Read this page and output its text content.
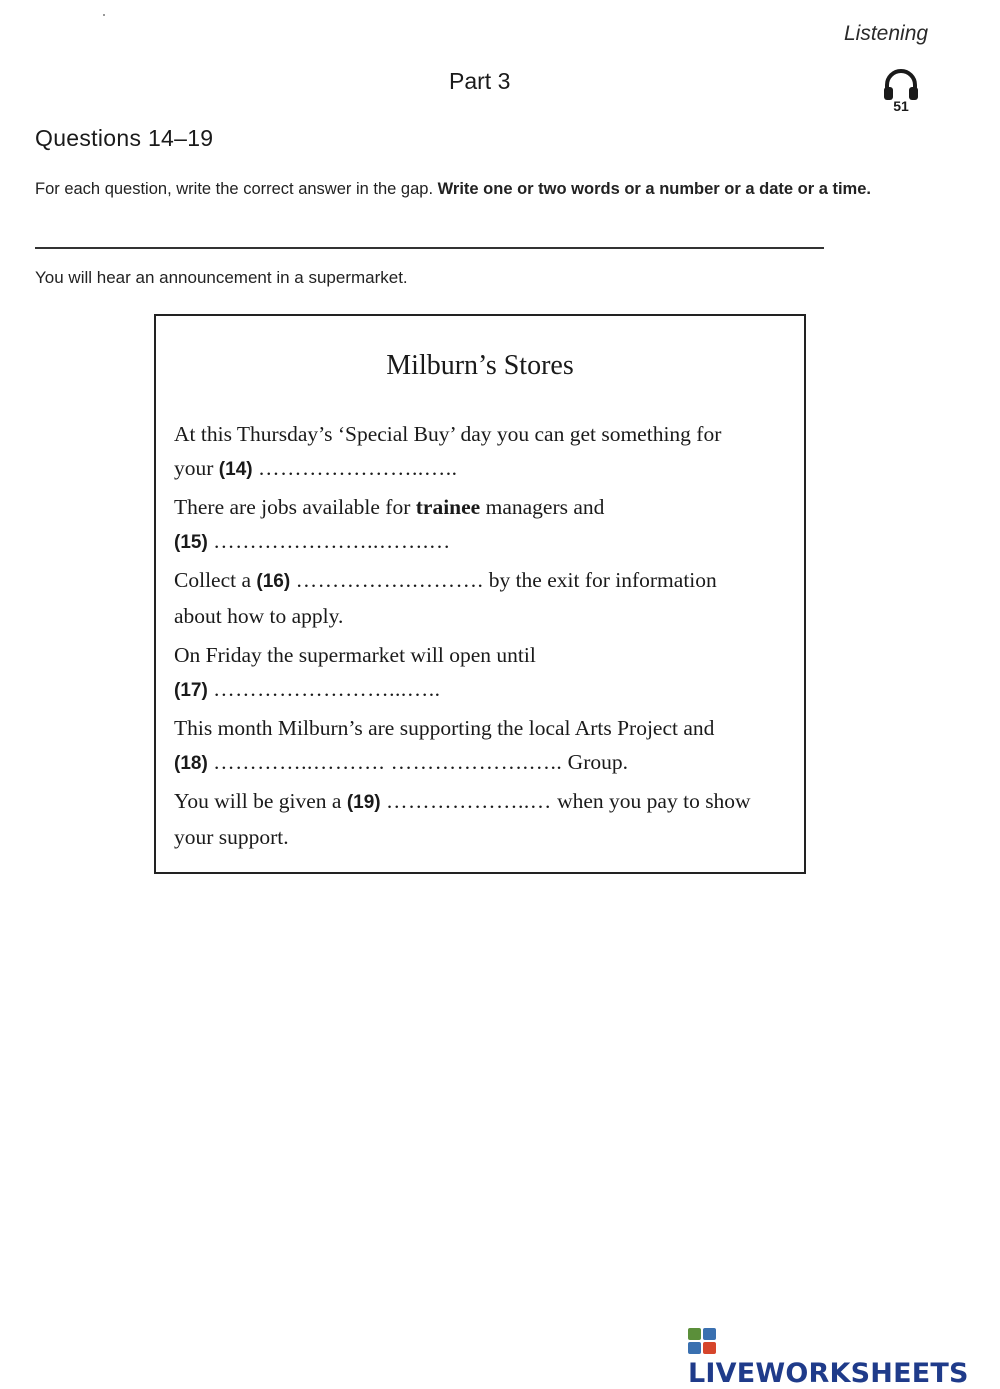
Listening
Part 3
51
Questions 14–19
For each question, write the correct answer in the gap. Write one or two words or a number or a date or a time.
You will hear an announcement in a supermarket.
Milburn’s Stores
At this Thursday’s ‘Special Buy’ day you can get something for
your (14) …………………..…..
There are jobs available for trainee managers and
(15) …………………..…….…
Collect a (16) …………….………. by the exit for information
about how to apply.
On Friday the supermarket will open until
(17) ……………………...…..
This month Milburn’s are supporting the local Arts Project and
(18) …………..………. ……………….….. Group.
You will be given a (19) ………………..… when you pay to show
your support.
LIVEWORKSHEETS
